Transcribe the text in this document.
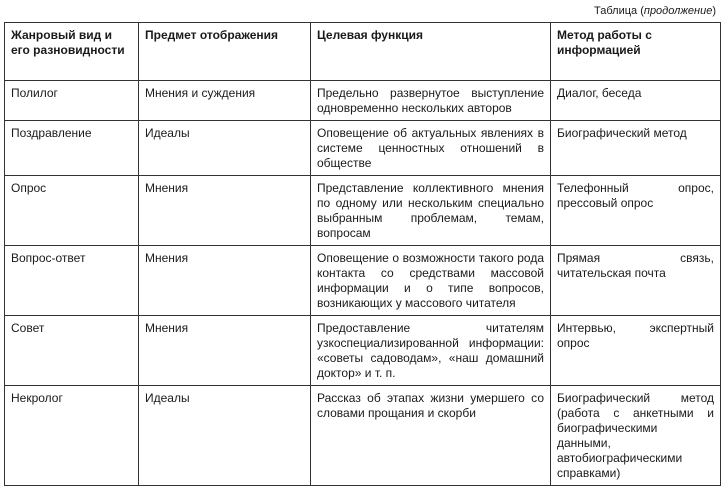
Таблица (продолжение)
Жанровый вид и его разновидности	Предмет отображения	Целевая функция	Метод работы с информацией
Полилог	Мнения и суждения	Предельно развернутое выступление одновременно нескольких авторов	Диалог, беседа
Поздравление	Идеалы	Оповещение об актуальных явлениях в системе ценностных отношений в обществе	Биографический метод
Опрос	Мнения	Представление коллективного мнения по одному или нескольким специально выбранным проблемам, темам, вопросам	Телефонный опрос, прессовый опрос
Вопрос-ответ	Мнения	Оповещение о возможности такого рода контакта со средствами массовой информации и о типе вопросов, возникающих у массового читателя	Прямая связь, читательская почта
Совет	Мнения	Предоставление читателям узкоспециализированной информации: «советы садоводам», «наш домашний доктор» и т. п.	Интервью, экспертный опрос
Некролог	Идеалы	Рассказ об этапах жизни умершего со словами прощания и скорби	Биографический метод (работа с анкетными и биографическими данными, автобиографическими справками)
